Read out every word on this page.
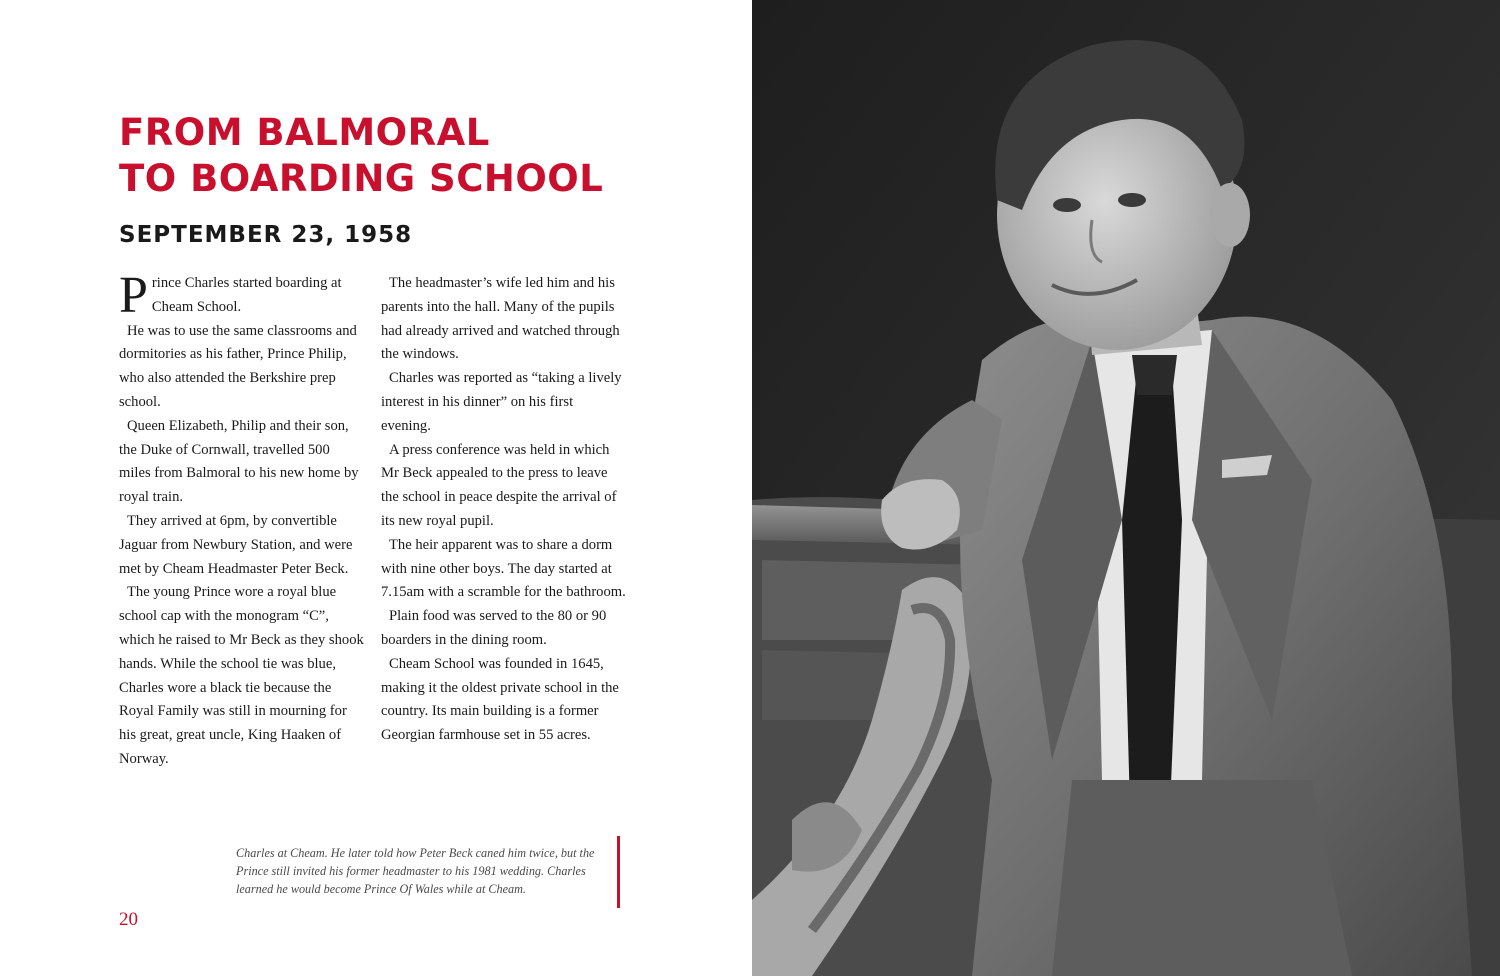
FROM BALMORAL
TO BOARDING SCHOOL
SEPTEMBER 23, 1958

Prince Charles started boarding at Cheam School.

He was to use the same classrooms and dormitories as his father, Prince Philip, who also attended the Berkshire prep school.

Queen Elizabeth, Philip and their son, the Duke of Cornwall, travelled 500 miles from Balmoral to his new home by royal train.

They arrived at 6pm, by convertible Jaguar from Newbury Station, and were met by Cheam Headmaster Peter Beck.

The young Prince wore a royal blue school cap with the monogram “C”, which he raised to Mr Beck as they shook hands. While the school tie was blue, Charles wore a black tie because the Royal Family was still in mourning for his great, great uncle, King Haaken of Norway.

The headmaster’s wife led him and his parents into the hall. Many of the pupils had already arrived and watched through the windows.

Charles was reported as “taking a lively interest in his dinner” on his first evening.

A press conference was held in which Mr Beck appealed to the press to leave the school in peace despite the arrival of its new royal pupil.

The heir apparent was to share a dorm with nine other boys. The day started at 7.15am with a scramble for the bathroom.

Plain food was served to the 80 or 90 boarders in the dining room.

Cheam School was founded in 1645, making it the oldest private school in the country. Its main building is a former Georgian farmhouse set in 55 acres.

Charles at Cheam. He later told how Peter Beck caned him twice, but the Prince still invited his former headmaster to his 1981 wedding. Charles learned he would become Prince Of Wales while at Cheam.

20
